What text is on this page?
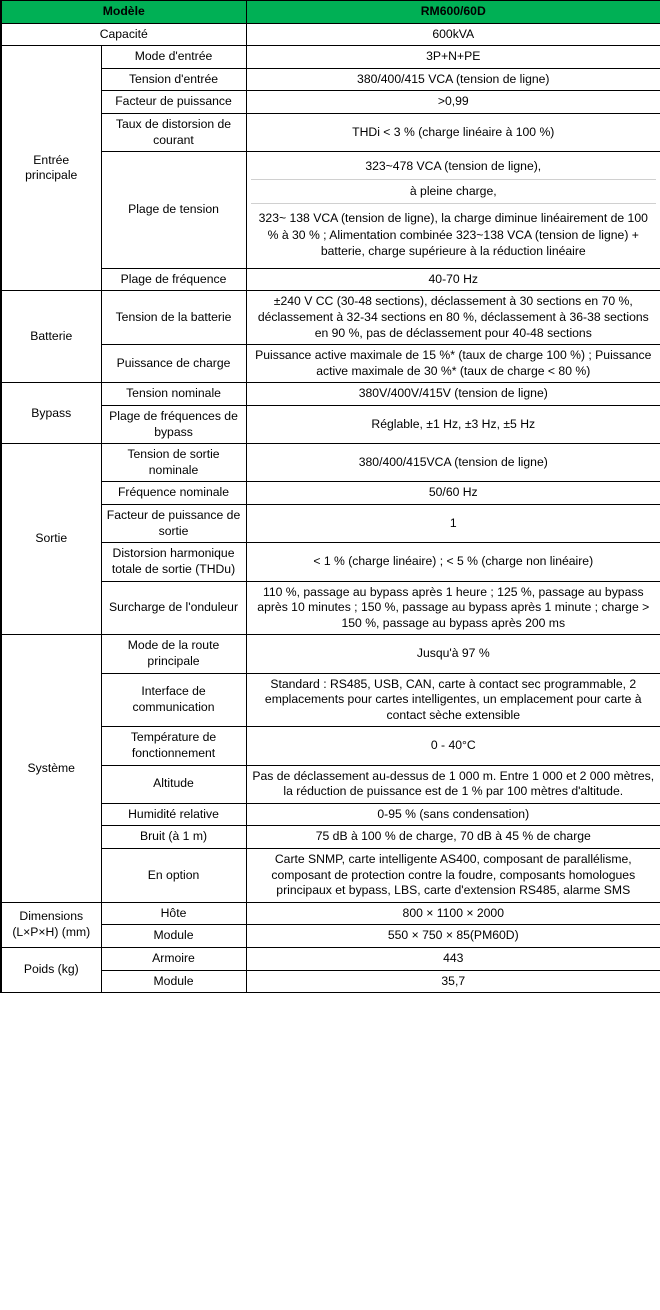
Modèle		RM600/60D
Capacité		600kVA
Entrée principale	Mode d'entrée	3P+N+PE
	Tension d'entrée	380/400/415 VCA (tension de ligne)
	Facteur de puissance	>0,99
	Taux de distorsion de courant	THDi < 3 % (charge linéaire à 100 %)
	Plage de tension	323~478 VCA (tension de ligne),
à pleine charge,
323~ 138 VCA (tension de ligne), la charge diminue linéairement de 100 % à 30 % ; Alimentation combinée 323~138 VCA (tension de ligne) + batterie, charge supérieure à la réduction linéaire

	Plage de fréquence	40-70 Hz
Batterie	Tension de la batterie	±240 V CC (30-48 sections), déclassement à 30 sections en 70 %, déclassement à 32-34 sections en 80 %, déclassement à 36-38 sections en 90 %, pas de déclassement pour 40-48 sections
	Puissance de charge	Puissance active maximale de 15 %* (taux de charge 100 %) ; Puissance active maximale de 30 %* (taux de charge < 80 %)
Bypass	Tension nominale	380V/400V/415V (tension de ligne)
	Plage de fréquences de bypass	Réglable, ±1 Hz, ±3 Hz, ±5 Hz
Sortie	Tension de sortie nominale	380/400/415VCA (tension de ligne)
	Fréquence nominale	50/60 Hz
	Facteur de puissance de sortie	1
	Distorsion harmonique totale de sortie (THDu)	< 1 % (charge linéaire) ; < 5 % (charge non linéaire)
	Surcharge de l'onduleur	110 %, passage au bypass après 1 heure ; 125 %, passage au bypass après 10 minutes ; 150 %, passage au bypass après 1 minute ; charge > 150 %, passage au bypass après 200 ms
Système	Mode de la route principale	Jusqu'à 97 %
	Interface de communication	Standard : RS485, USB, CAN, carte à contact sec programmable, 2 emplacements pour cartes intelligentes, un emplacement pour carte à contact sèche extensible
	Température de fonctionnement	0 - 40°C
	Altitude	Pas de déclassement au-dessus de 1 000 m. Entre 1 000 et 2 000 mètres, la réduction de puissance est de 1 % par 100 mètres d'altitude.
	Humidité relative	0-95 % (sans condensation)
	Bruit (à 1 m)	75 dB à 100 % de charge, 70 dB à 45 % de charge
	En option	Carte SNMP, carte intelligente AS400, composant de parallélisme, composant de protection contre la foudre, composants homologues principaux et bypass, LBS, carte d'extension RS485, alarme SMS
Dimensions (L×P×H) (mm)	Hôte	800 × 1100 × 2000
	Module	550 × 750 × 85(PM60D)
Poids (kg)	Armoire	443
	Module	35,7
